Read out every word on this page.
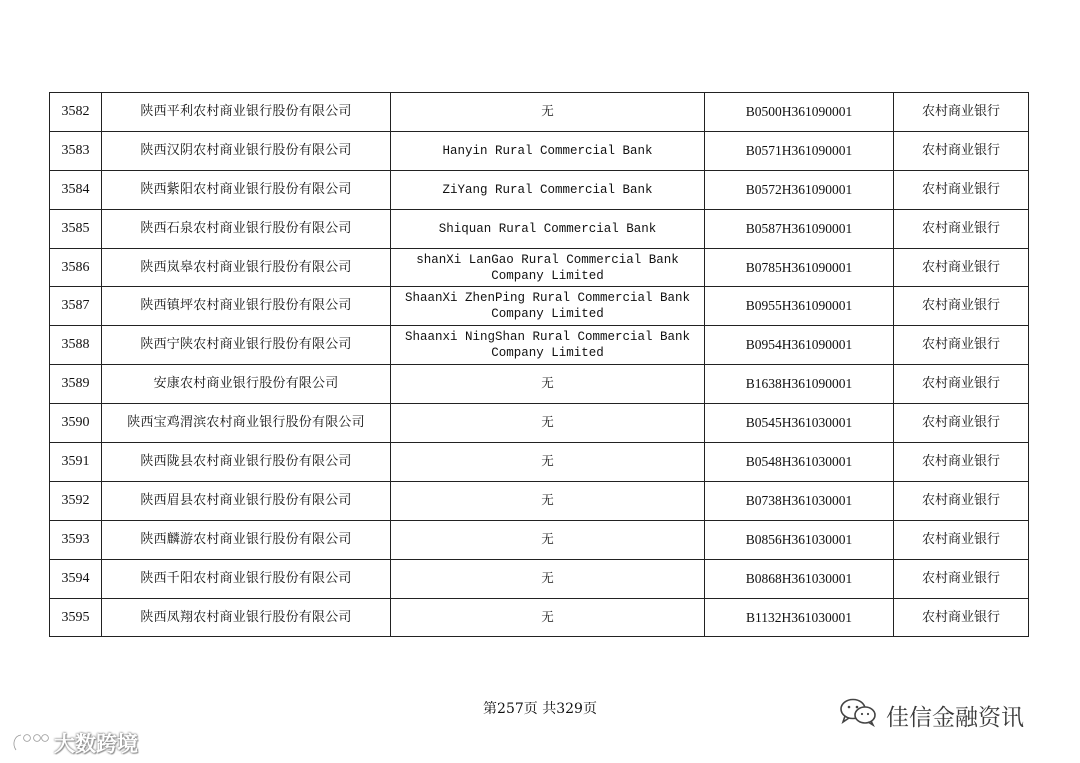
3582	陕西平利农村商业银行股份有限公司	无	B0500H361090001	农村商业银行
3583	陕西汉阴农村商业银行股份有限公司	Hanyin Rural Commercial Bank	B0571H361090001	农村商业银行
3584	陕西紫阳农村商业银行股份有限公司	ZiYang Rural Commercial Bank	B0572H361090001	农村商业银行
3585	陕西石泉农村商业银行股份有限公司	Shiquan Rural Commercial Bank	B0587H361090001	农村商业银行
3586	陕西岚皋农村商业银行股份有限公司	shanXi LanGao Rural Commercial Bank Company Limited	B0785H361090001	农村商业银行
3587	陕西镇坪农村商业银行股份有限公司	ShaanXi ZhenPing Rural Commercial Bank Company Limited	B0955H361090001	农村商业银行
3588	陕西宁陕农村商业银行股份有限公司	Shaanxi NingShan Rural Commercial Bank Company Limited	B0954H361090001	农村商业银行
3589	安康农村商业银行股份有限公司	无	B1638H361090001	农村商业银行
3590	陕西宝鸡渭滨农村商业银行股份有限公司	无	B0545H361030001	农村商业银行
3591	陕西陇县农村商业银行股份有限公司	无	B0548H361030001	农村商业银行
3592	陕西眉县农村商业银行股份有限公司	无	B0738H361030001	农村商业银行
3593	陕西麟游农村商业银行股份有限公司	无	B0856H361030001	农村商业银行
3594	陕西千阳农村商业银行股份有限公司	无	B0868H361030001	农村商业银行
3595	陕西凤翔农村商业银行股份有限公司	无	B1132H361030001	农村商业银行
第257页 共329页
大数跨境
佳信金融资讯
